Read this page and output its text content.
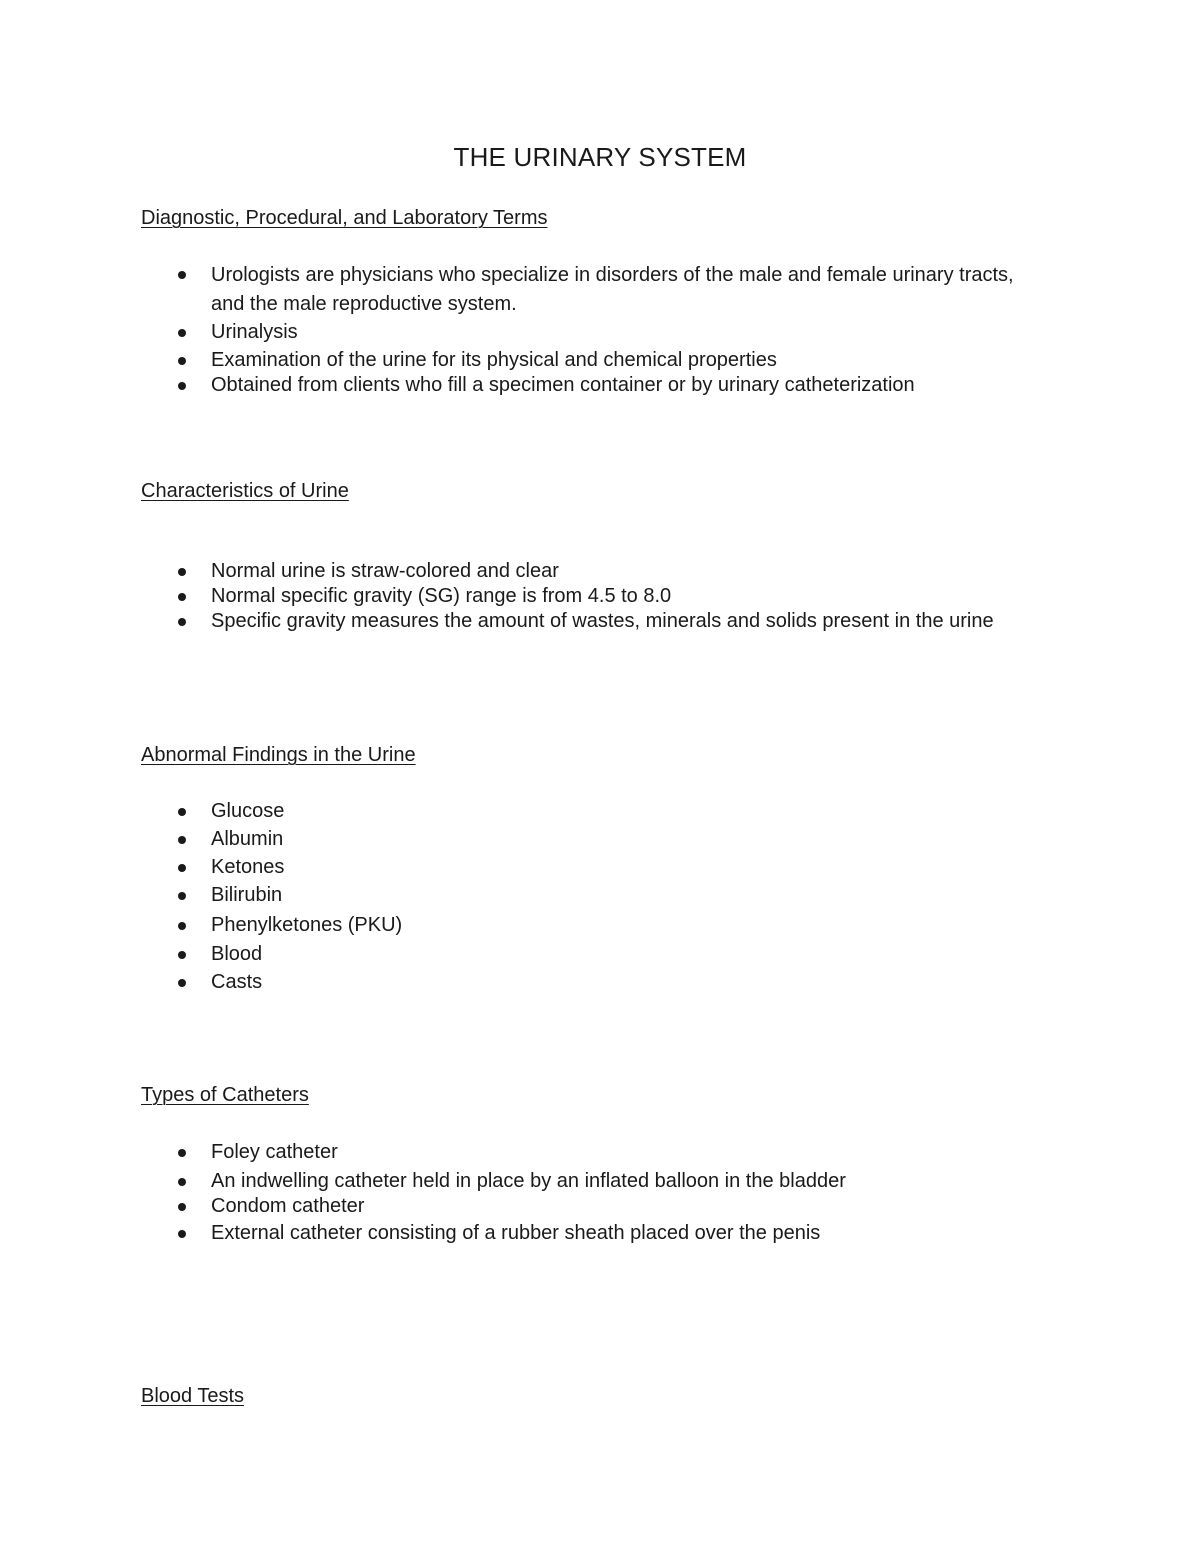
THE URINARY SYSTEM
Diagnostic, Procedural, and Laboratory Terms
Urologists are physicians who specialize in disorders of the male and female urinary tracts, and the male reproductive system.
Urinalysis
Examination of the urine for its physical and chemical properties
Obtained from clients who fill a specimen container or by urinary catheterization
Characteristics of Urine
Normal urine is straw-colored and clear
Normal specific gravity (SG) range is from 4.5 to 8.0
Specific gravity measures the amount of wastes, minerals and solids present in the urine
Abnormal Findings in the Urine
Glucose
Albumin
Ketones
Bilirubin
Phenylketones (PKU)
Blood
Casts
Types of Catheters
Foley catheter
An indwelling catheter held in place by an inflated balloon in the bladder
Condom catheter
External catheter consisting of a rubber sheath placed over the penis
Blood Tests
